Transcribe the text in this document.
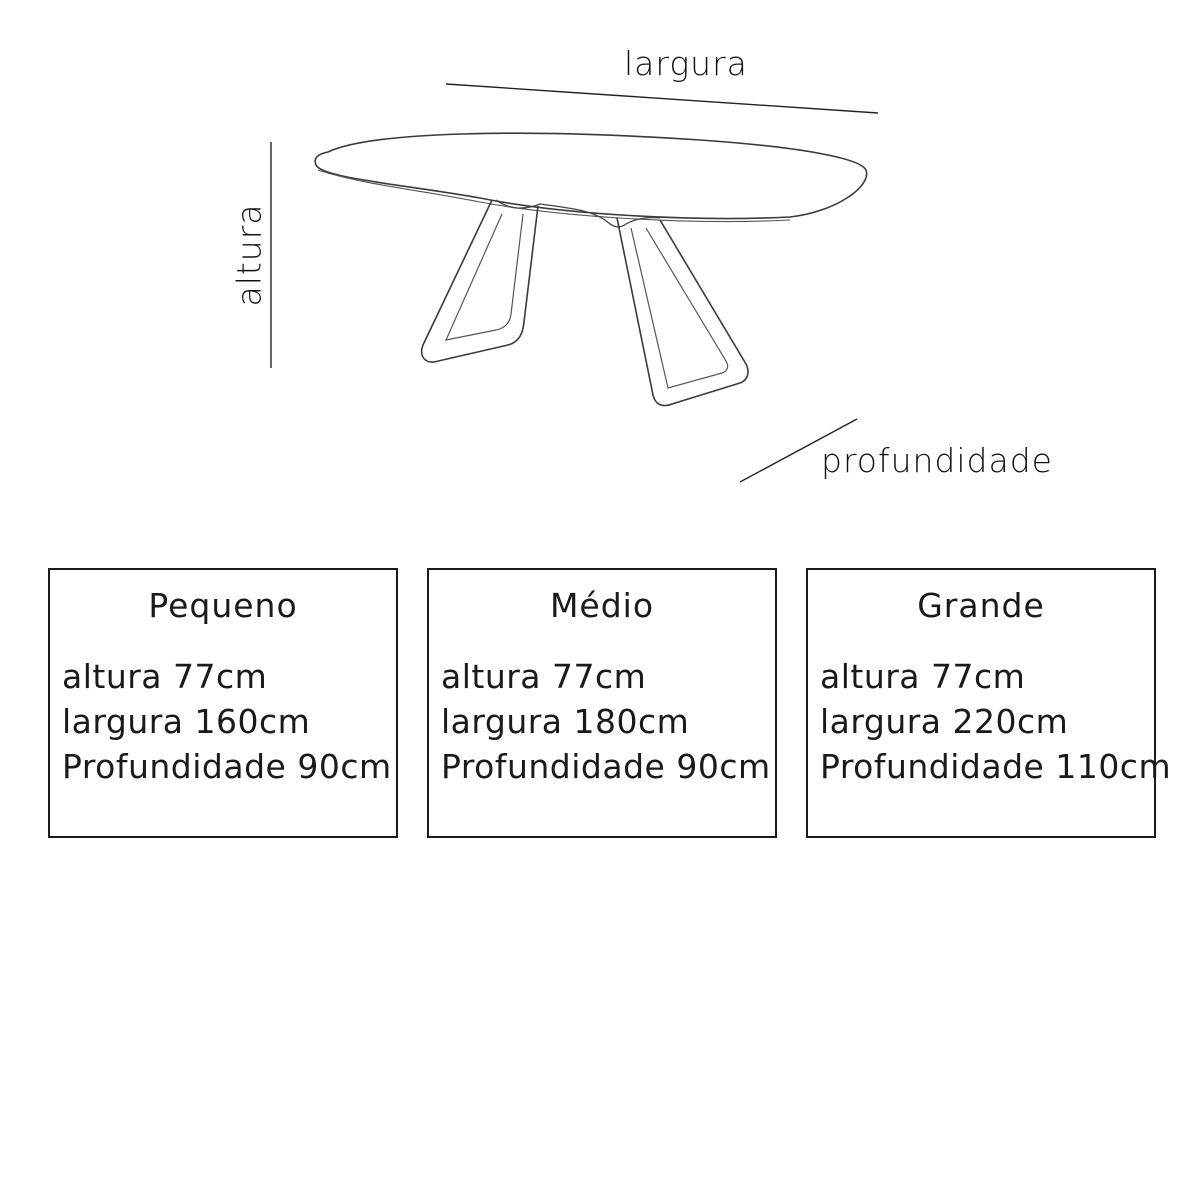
largura
altura
profundidade
Pequeno
altura 77cm
largura 160cm
Profundidade 90cm
Médio
altura 77cm
largura 180cm
Profundidade 90cm
Grande
altura 77cm
largura 220cm
Profundidade 110cm
